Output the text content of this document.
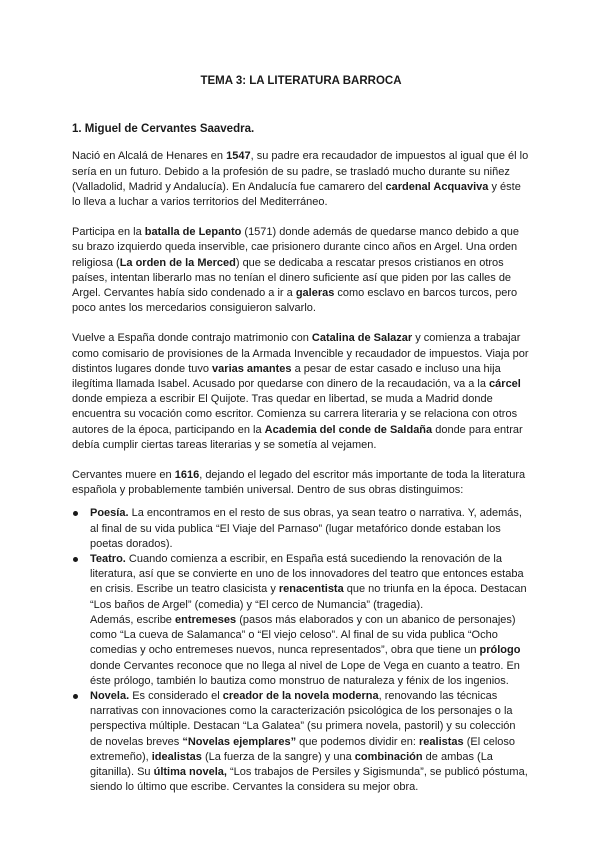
TEMA 3: LA LITERATURA BARROCA
1. Miguel de Cervantes Saavedra.

Nació en Alcalá de Henares en 1547, su padre era recaudador de impuestos al igual que él lo sería en un futuro. Debido a la profesión de su padre, se trasladó mucho durante su niñez (Valladolid, Madrid y Andalucía). En Andalucía fue camarero del cardenal Acquaviva y éste lo lleva a luchar a varios territorios del Mediterráneo.

Participa en la batalla de Lepanto (1571) donde además de quedarse manco debido a que su brazo izquierdo queda inservible, cae prisionero durante cinco años en Argel. Una orden religiosa (La orden de la Merced) que se dedicaba a rescatar presos cristianos en otros países, intentan liberarlo mas no tenían el dinero suficiente así que piden por las calles de Argel. Cervantes había sido condenado a ir a galeras como esclavo en barcos turcos, pero poco antes los mercedarios consiguieron salvarlo.

Vuelve a España donde contrajo matrimonio con Catalina de Salazar y comienza a trabajar como comisario de provisiones de la Armada Invencible y recaudador de impuestos. Viaja por distintos lugares donde tuvo varias amantes a pesar de estar casado e incluso una hija ilegítima llamada Isabel. Acusado por quedarse con dinero de la recaudación, va a la cárcel donde empieza a escribir El Quijote. Tras quedar en libertad, se muda a Madrid donde encuentra su vocación como escritor. Comienza su carrera literaria y se relaciona con otros autores de la época, participando en la Academia del conde de Saldaña donde para entrar debía cumplir ciertas tareas literarias y se sometía al vejamen.

Cervantes muere en 1616, dejando el legado del escritor más importante de toda la literatura española y probablemente también universal. Dentro de sus obras distinguimos:

Poesía. La encontramos en el resto de sus obras, ya sean teatro o narrativa. Y, además, al final de su vida publica “El Viaje del Parnaso” (lugar metafórico donde estaban los poetas dorados).
Teatro. Cuando comienza a escribir, en España está sucediendo la renovación de la literatura, así que se convierte en uno de los innovadores del teatro que entonces estaba en crisis. Escribe un teatro clasicista y renacentista que no triunfa en la época. Destacan “Los baños de Argel” (comedia) y “El cerco de Numancia” (tragedia).
Además, escribe entremeses (pasos más elaborados y con un abanico de personajes) como “La cueva de Salamanca” o “El viejo celoso”. Al final de su vida publica “Ocho comedias y ocho entremeses nuevos, nunca representados”, obra que tiene un prólogo donde Cervantes reconoce que no llega al nivel de Lope de Vega en cuanto a teatro. En éste prólogo, también lo bautiza como monstruo de naturaleza y fénix de los ingenios.
Novela. Es considerado el creador de la novela moderna, renovando las técnicas narrativas con innovaciones como la caracterización psicológica de los personajes o la perspectiva múltiple. Destacan “La Galatea” (su primera novela, pastoril) y su colección de novelas breves “Novelas ejemplares” que podemos dividir en: realistas (El celoso extremeño), idealistas (La fuerza de la sangre) y una combinación de ambas (La gitanilla). Su última novela, “Los trabajos de Persiles y Sigismunda”, se publicó póstuma, siendo lo último que escribe. Cervantes la considera su mejor obra.
